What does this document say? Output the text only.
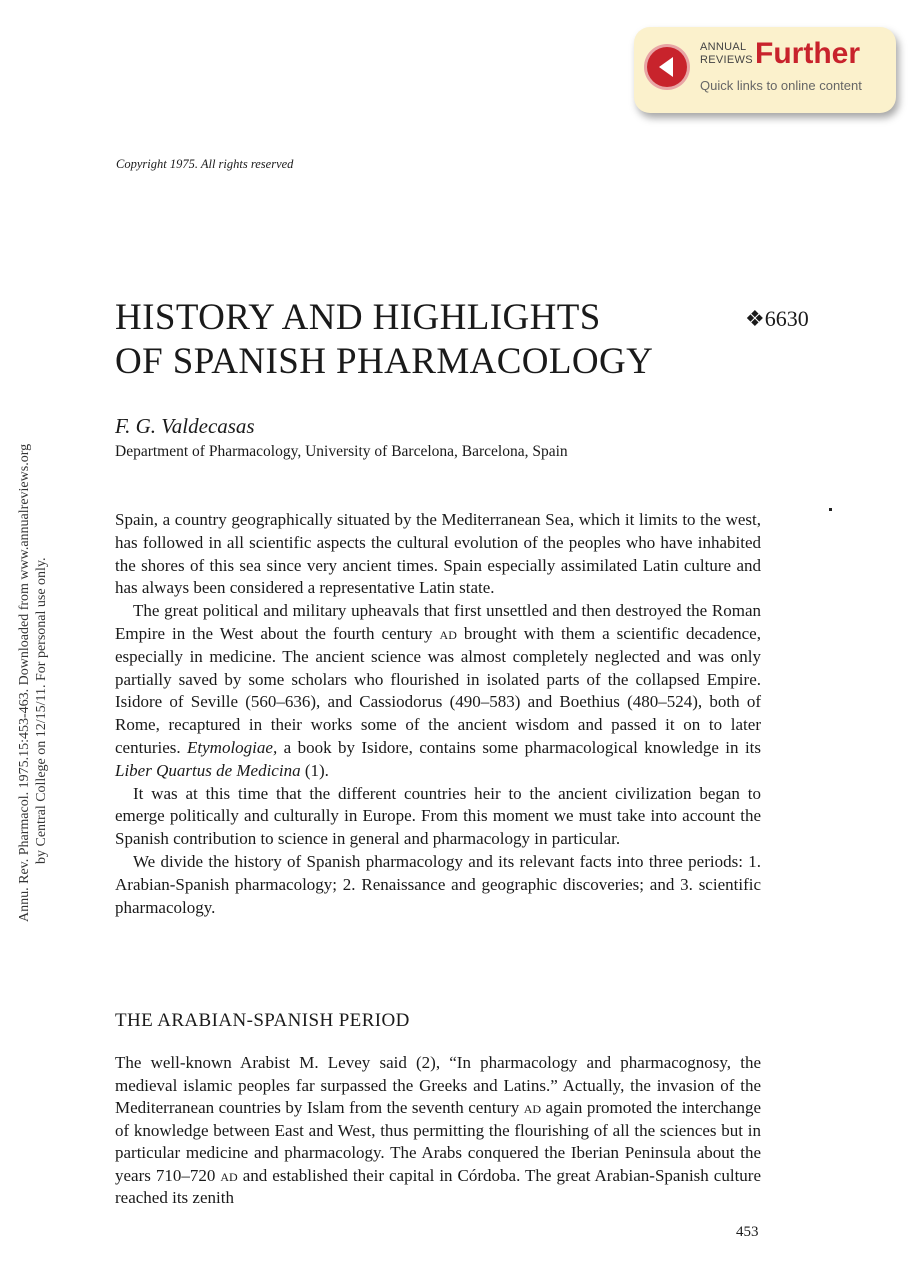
ANNUAL
REVIEWS Further
Quick links to online content
Annu. Rev. Pharmacol. 1975.15:453-463. Downloaded from www.annualreviews.org by Central College on 12/15/11. For personal use only.
Copyright 1975. All rights reserved
HISTORY AND HIGHLIGHTS
OF SPANISH PHARMACOLOGY
❖6630
F. G. Valdecasas
Department of Pharmacology, University of Barcelona, Barcelona, Spain

Spain, a country geographically situated by the Mediterranean Sea, which it limits to the west, has followed in all scientific aspects the cultural evolution of the peoples who have inhabited the shores of this sea since very ancient times. Spain especially assimilated Latin culture and has always been considered a representative Latin state.

The great political and military upheavals that first unsettled and then destroyed the Roman Empire in the West about the fourth century ad brought with them a scientific decadence, especially in medicine. The ancient science was almost completely neglected and was only partially saved by some scholars who flourished in isolated parts of the collapsed Empire. Isidore of Seville (560–636), and Cassiodorus (490–583) and Boethius (480–524), both of Rome, recaptured in their works some of the ancient wisdom and passed it on to later centuries. Etymologiae, a book by Isidore, contains some pharmacological knowledge in its Liber Quartus de Medicina (1).

It was at this time that the different countries heir to the ancient civilization began to emerge politically and culturally in Europe. From this moment we must take into account the Spanish contribution to science in general and pharmacology in particular.

We divide the history of Spanish pharmacology and its relevant facts into three periods: 1. Arabian-Spanish pharmacology; 2. Renaissance and geographic discoveries; and 3. scientific pharmacology.

THE ARABIAN-SPANISH PERIOD

The well-known Arabist M. Levey said (2), “In pharmacology and pharmacognosy, the medieval islamic peoples far surpassed the Greeks and Latins.” Actually, the invasion of the Mediterranean countries by Islam from the seventh century ad again promoted the interchange of knowledge between East and West, thus permitting the flourishing of all the sciences but in particular medicine and pharmacology. The Arabs conquered the Iberian Peninsula about the years 710–720 ad and established their capital in Córdoba. The great Arabian-Spanish culture reached its zenith

453
